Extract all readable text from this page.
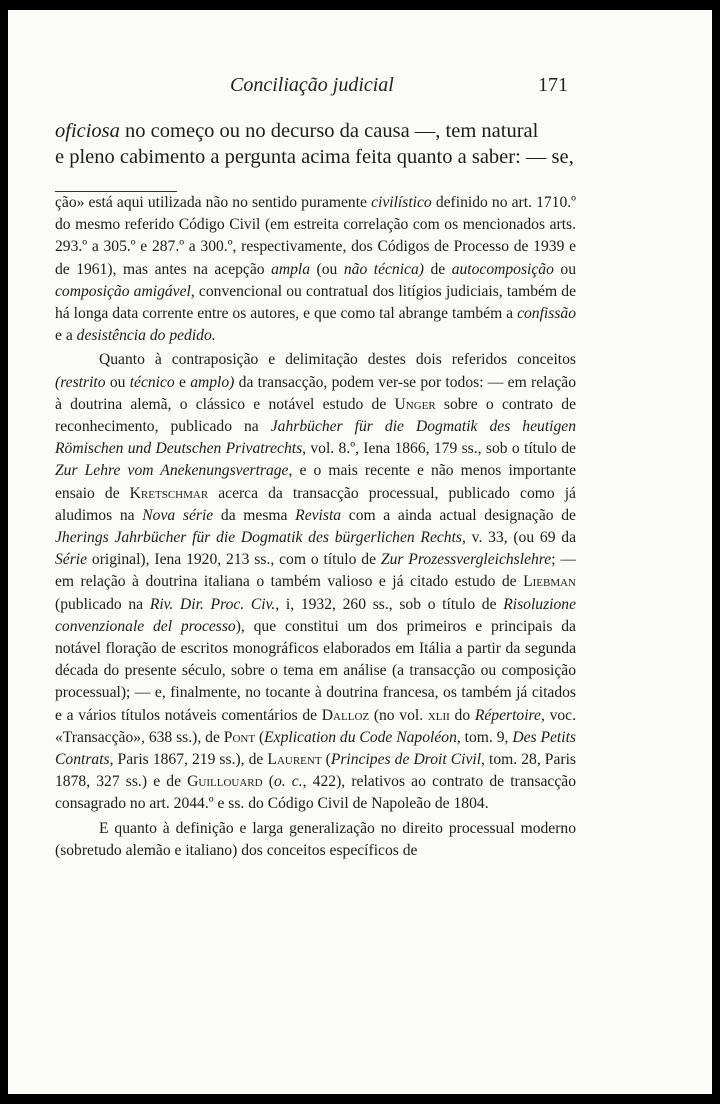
Conciliação judicial	171

oficiosa no começo ou no decurso da causa —, tem natural

e pleno cabimento a pergunta acima feita quanto a saber: — se,

ção» está aqui utilizada não no sentido puramente civilístico definido no art. 1710.º do mesmo referido Código Civil (em estreita correlação com os mencionados arts. 293.º a 305.º e 287.º a 300.º, respectivamente, dos Códigos de Processo de 1939 e de 1961), mas antes na acepção ampla (ou não técnica) de autocomposição ou composição amigável, convencional ou contratual dos litígios judiciais, também de há longa data corrente entre os autores, e que como tal abrange também a confissão e a desistência do pedido.

Quanto à contraposição e delimitação destes dois referidos conceitos (restrito ou técnico e amplo) da transacção, podem ver-se por todos: — em relação à doutrina alemã, o clássico e notável estudo de Unger sobre o contrato de reconhecimento, publicado na Jahrbücher für die Dogmatik des heutigen Römischen und Deutschen Privatrechts, vol. 8.º, Iena 1866, 179 ss., sob o título de Zur Lehre vom Anekenungsvertrage, e o mais recente e não menos importante ensaio de Kretschmar acerca da transacção processual, publicado como já aludimos na Nova série da mesma Revista com a ainda actual designação de Jherings Jahrbücher für die Dogmatik des bürgerlichen Rechts, v. 33, (ou 69 da Série original), Iena 1920, 213 ss., com o título de Zur Prozessvergleichslehre; — em relação à doutrina italiana o também valioso e já citado estudo de Liebman (publicado na Riv. Dir. Proc. Civ., i, 1932, 260 ss., sob o título de Risoluzione convenzionale del processo), que constitui um dos primeiros e principais da notável floração de escritos monográficos elaborados em Itália a partir da segunda década do presente século, sobre o tema em análise (a transacção ou composição processual); — e, finalmente, no tocante à doutrina francesa, os também já citados e a vários títulos notáveis comentários de Dalloz (no vol. xlii do Répertoire, voc. «Transacção», 638 ss.), de Pont (Explication du Code Napoléon, tom. 9, Des Petits Contrats, Paris 1867, 219 ss.), de Laurent (Principes de Droit Civil, tom. 28, Paris 1878, 327 ss.) e de Guillouard (o. c., 422), relativos ao contrato de transacção consagrado no art. 2044.º e ss. do Código Civil de Napoleão de 1804.

E quanto à definição e larga generalização no direito processual moderno (sobretudo alemão e italiano) dos conceitos específicos de
